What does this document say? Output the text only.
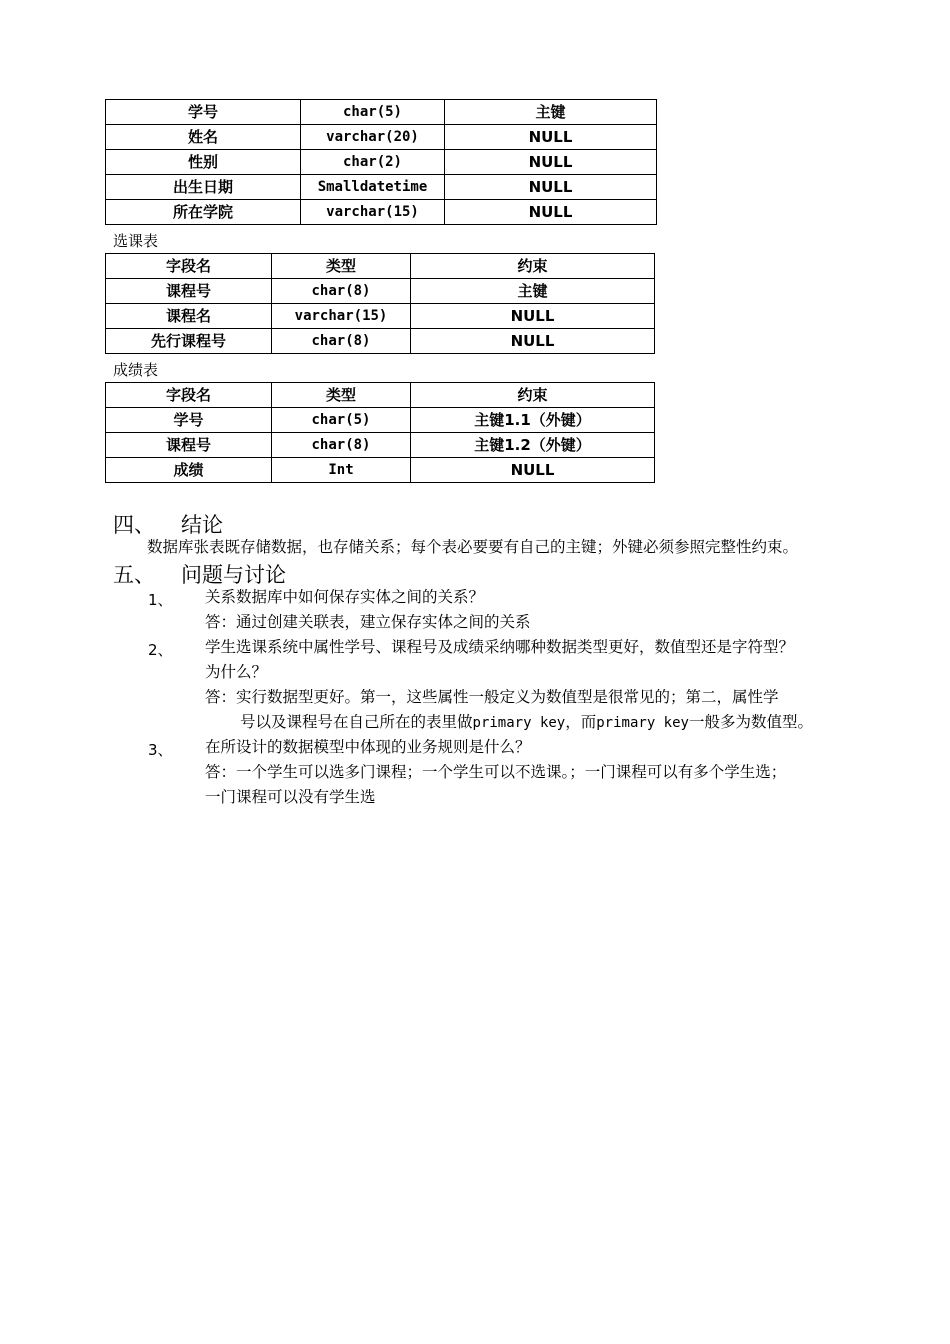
学号	char(5)	主键
姓名	varchar(20)	NULL
性别	char(2)	NULL
出生日期	Smalldatetime	NULL
所在学院	varchar(15)	NULL
选课表
字段名	类型	约束
课程号	char(8)	主键
课程名	varchar(15)	NULL
先行课程号	char(8)	NULL
成绩表
字段名	类型	约束
学号	char(5)	主键1.1（外键）
课程号	char(8)	主键1.2（外键）
成绩	Int	NULL
四、	结论
数据库张表既存储数据，也存储关系；每个表必要要有自己的主键；外键必须参照完整性约束。
五、	问题与讨论
1、 关系数据库中如何保存实体之间的关系？
答：通过创建关联表，建立保存实体之间的关系
2、 学生选课系统中属性学号、课程号及成绩采纳哪种数据类型更好，数值型还是字符型？
为什么？
答：实行数据型更好。第一，这些属性一般定义为数值型是很常见的；第二，属性学
号以及课程号在自己所在的表里做primary key，而primary key一般多为数值型。
3、 在所设计的数据模型中体现的业务规则是什么？
答：一个学生可以选多门课程；一个学生可以不选课。；一门课程可以有多个学生选；
一门课程可以没有学生选
